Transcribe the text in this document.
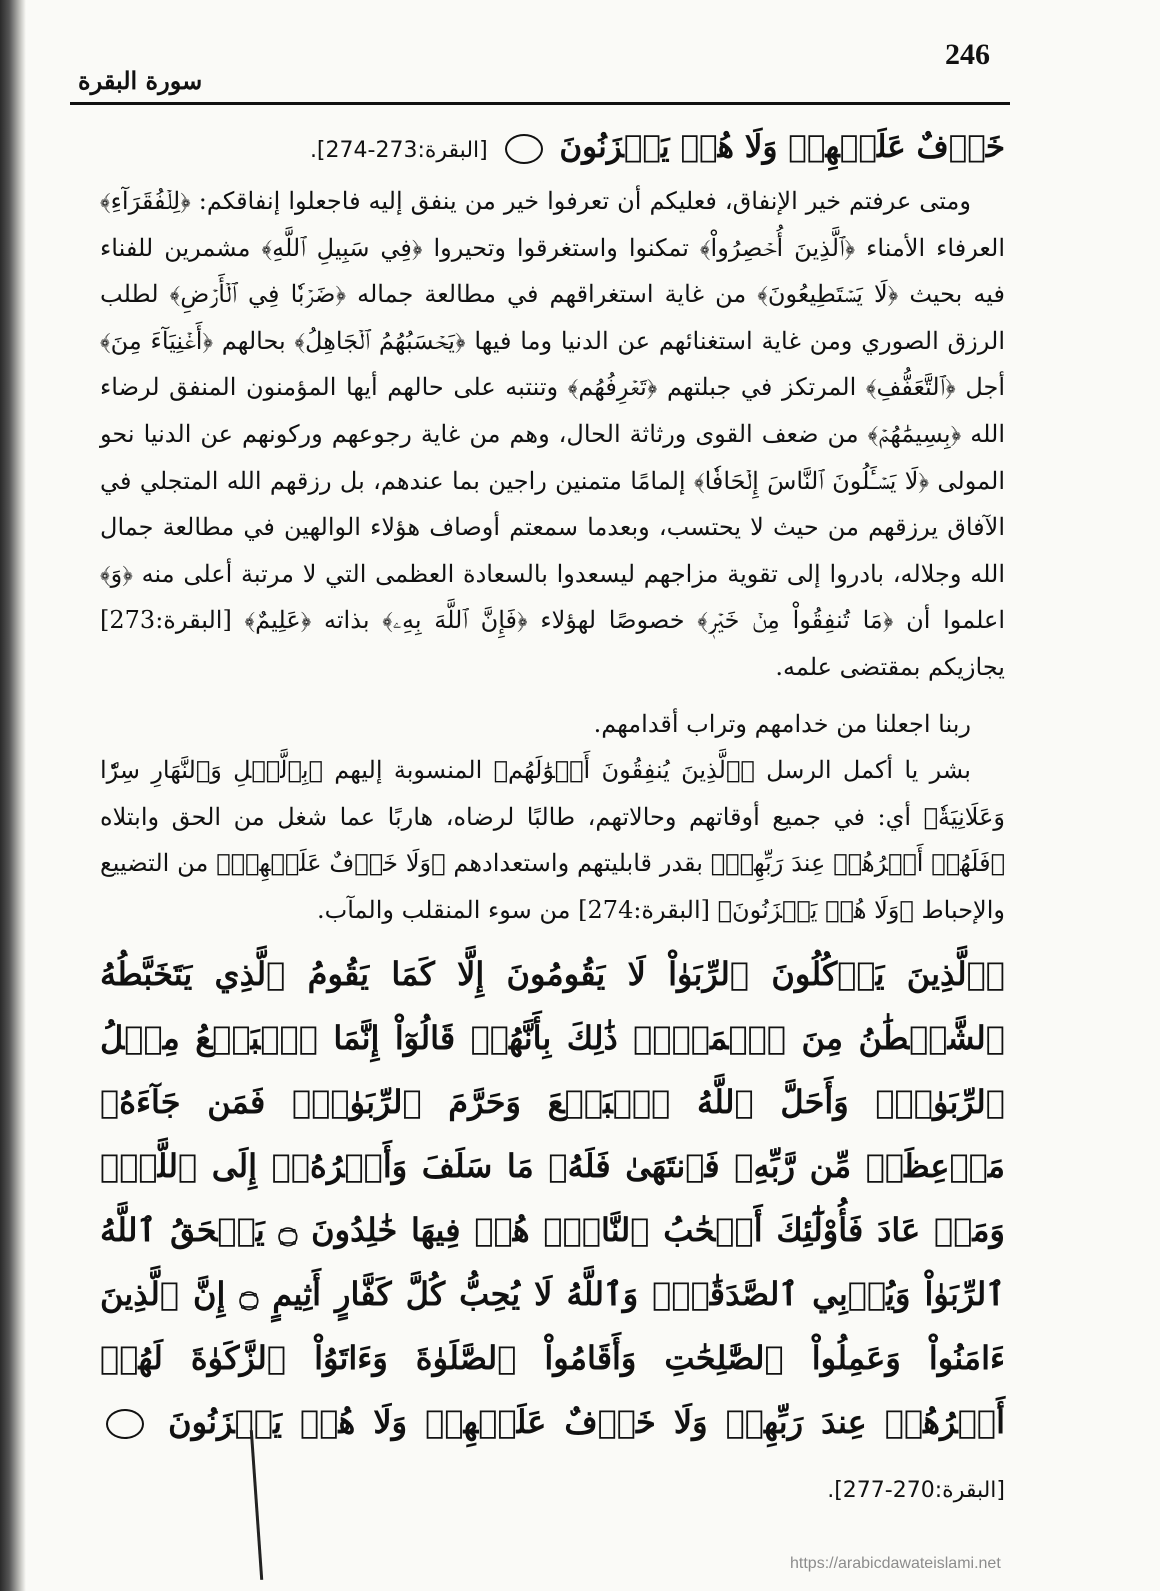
246
سورة البقرة
خَوۡفٌ عَلَيۡهِمۡ وَلَا هُمۡ يَحۡزَنُونَ  [البقرة:273-274].

ومتى عرفتم خير الإنفاق، فعليكم أن تعرفوا خير من ينفق إليه فاجعلوا إنفاقكم: ﴿لِلۡفُقَرَآءِ﴾ العرفاء الأمناء ﴿ٱلَّذِينَ أُحۡصِرُواْ﴾ تمكنوا واستغرقوا وتحيروا ﴿فِي سَبِيلِ ٱللَّهِ﴾ مشمرين للفناء فيه بحيث ﴿لَا يَسۡتَطِيعُونَ﴾ من غاية استغراقهم في مطالعة جماله ﴿ضَرۡبٗا فِي ٱلۡأَرۡضِ﴾ لطلب الرزق الصوري ومن غاية استغنائهم عن الدنيا وما فيها ﴿يَحۡسَبُهُمُ ٱلۡجَاهِلُ﴾ بحالهم ﴿أَغۡنِيَآءَ مِنَ﴾ أجل ﴿ٱلتَّعَفُّفِ﴾ المرتكز في جبلتهم ﴿تَعۡرِفُهُم﴾ وتنتبه على حالهم أيها المؤمنون المنفق لرضاء الله ﴿بِسِيمَٰهُمۡ﴾ من ضعف القوى ورثاثة الحال، وهم من غاية رجوعهم وركونهم عن الدنيا نحو المولى ﴿لَا يَسۡـَٔلُونَ ٱلنَّاسَ إِلۡحَافٗا﴾ إلمامًا متمنين راجين بما عندهم، بل رزقهم الله المتجلي في الآفاق يرزقهم من حيث لا يحتسب، وبعدما سمعتم أوصاف هؤلاء الوالهين في مطالعة جمال الله وجلاله، بادروا إلى تقوية مزاجهم ليسعدوا بالسعادة العظمى التي لا مرتبة أعلى منه ﴿وَ﴾ اعلموا أن ﴿مَا تُنفِقُواْ مِنۡ خَيۡرٖ﴾ خصوصًا لهؤلاء ﴿فَإِنَّ ٱللَّهَ بِهِۦ﴾ بذاته ﴿عَلِيمٌ﴾ [البقرة:273] يجازيكم بمقتضى علمه.

ربنا اجعلنا من خدامهم وتراب أقدامهم.

بشر يا أكمل الرسل ﴿ٱلَّذِينَ يُنفِقُونَ أَمۡوَٰلَهُم﴾ المنسوبة إليهم ﴿بِٱلَّيۡلِ وَٱلنَّهَارِ سِرّٗا وَعَلَانِيَةٗ﴾ أي: في جميع أوقاتهم وحالاتهم، طالبًا لرضاه، هاربًا عما شغل من الحق وابتلاه ﴿فَلَهُمۡ أَجۡرُهُمۡ عِندَ رَبِّهِمۡ﴾ بقدر قابليتهم واستعدادهم ﴿وَلَا خَوۡفٌ عَلَيۡهِمۡ﴾ من التضييع والإحباط ﴿وَلَا هُمۡ يَحۡزَنُونَ﴾ [البقرة:274] من سوء المنقلب والمآب.

﴿ٱلَّذِينَ يَأۡكُلُونَ ٱلرِّبَوٰاْ لَا يَقُومُونَ إِلَّا كَمَا يَقُومُ ٱلَّذِي يَتَخَبَّطُهُ ٱلشَّيۡطَٰنُ مِنَ ٱلۡمَسِّۚ ذَٰلِكَ بِأَنَّهُمۡ قَالُوٓاْ إِنَّمَا ٱلۡبَيۡعُ مِثۡلُ ٱلرِّبَوٰاْۗ وَأَحَلَّ ٱللَّهُ ٱلۡبَيۡعَ وَحَرَّمَ ٱلرِّبَوٰاْۚ فَمَن جَآءَهُۥ مَوۡعِظَةٞ مِّن رَّبِّهِۦ فَٱنتَهَىٰ فَلَهُۥ مَا سَلَفَ وَأَمۡرُهُۥٓ إِلَى ٱللَّهِۖ وَمَنۡ عَادَ فَأُوْلَٰٓئِكَ أَصۡحَٰبُ ٱلنَّارِۖ هُمۡ فِيهَا خَٰلِدُونَ ۝ يَمۡحَقُ ٱللَّهُ ٱلرِّبَوٰاْ وَيُرۡبِي ٱلصَّدَقَٰتِۗ وَٱللَّهُ لَا يُحِبُّ كُلَّ كَفَّارٍ أَثِيمٍ ۝ إِنَّ ٱلَّذِينَ ءَامَنُواْ وَعَمِلُواْ ٱلصَّٰلِحَٰتِ وَأَقَامُواْ ٱلصَّلَوٰةَ وَءَاتَوُاْ ٱلزَّكَوٰةَ لَهُمۡ أَجۡرُهُمۡ عِندَ رَبِّهِمۡ وَلَا خَوۡفٌ عَلَيۡهِمۡ وَلَا هُمۡ يَحۡزَنُونَ  [البقرة:270-277].
https://arabicdawateislami.net
